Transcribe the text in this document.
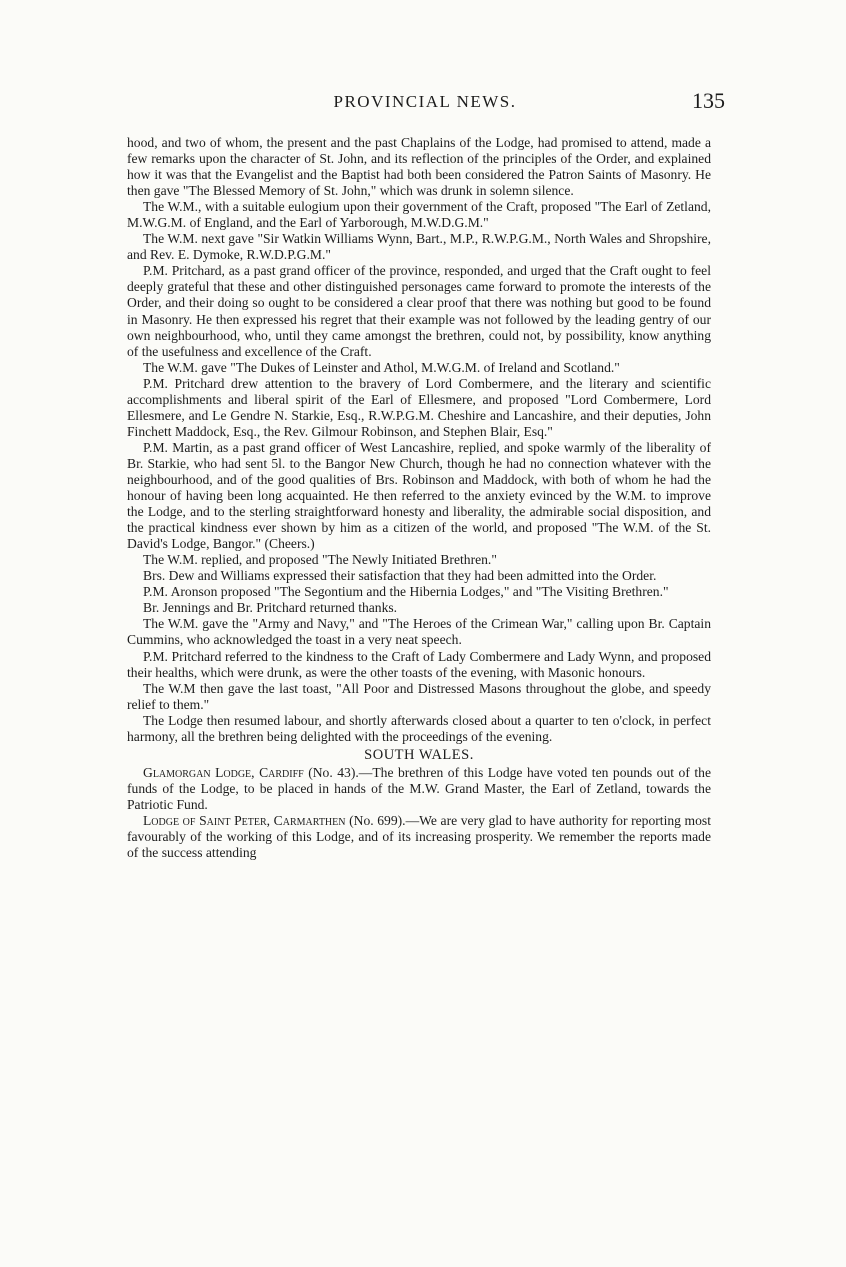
PROVINCIAL NEWS.	135

hood, and two of whom, the present and the past Chaplains of the Lodge, had promised to attend, made a few remarks upon the character of St. John, and its reflection of the principles of the Order, and explained how it was that the Evangelist and the Baptist had both been considered the Patron Saints of Masonry. He then gave "The Blessed Memory of St. John," which was drunk in solemn silence.

The W.M., with a suitable eulogium upon their government of the Craft, proposed "The Earl of Zetland, M.W.G.M. of England, and the Earl of Yarborough, M.W.D.G.M."

The W.M. next gave "Sir Watkin Williams Wynn, Bart., M.P., R.W.P.G.M., North Wales and Shropshire, and Rev. E. Dymoke, R.W.D.P.G.M."

P.M. Pritchard, as a past grand officer of the province, responded, and urged that the Craft ought to feel deeply grateful that these and other distinguished personages came forward to promote the interests of the Order, and their doing so ought to be considered a clear proof that there was nothing but good to be found in Masonry. He then expressed his regret that their example was not followed by the leading gentry of our own neighbourhood, who, until they came amongst the brethren, could not, by possibility, know anything of the usefulness and excellence of the Craft.

The W.M. gave "The Dukes of Leinster and Athol, M.W.G.M. of Ireland and Scotland."

P.M. Pritchard drew attention to the bravery of Lord Combermere, and the literary and scientific accomplishments and liberal spirit of the Earl of Ellesmere, and proposed "Lord Combermere, Lord Ellesmere, and Le Gendre N. Starkie, Esq., R.W.P.G.M. Cheshire and Lancashire, and their deputies, John Finchett Maddock, Esq., the Rev. Gilmour Robinson, and Stephen Blair, Esq."

P.M. Martin, as a past grand officer of West Lancashire, replied, and spoke warmly of the liberality of Br. Starkie, who had sent 5l. to the Bangor New Church, though he had no connection whatever with the neighbourhood, and of the good qualities of Brs. Robinson and Maddock, with both of whom he had the honour of having been long acquainted. He then referred to the anxiety evinced by the W.M. to improve the Lodge, and to the sterling straightforward honesty and liberality, the admirable social disposition, and the practical kindness ever shown by him as a citizen of the world, and proposed "The W.M. of the St. David's Lodge, Bangor." (Cheers.)

The W.M. replied, and proposed "The Newly Initiated Brethren."

Brs. Dew and Williams expressed their satisfaction that they had been admitted into the Order.

P.M. Aronson proposed "The Segontium and the Hibernia Lodges," and "The Visiting Brethren."

Br. Jennings and Br. Pritchard returned thanks.

The W.M. gave the "Army and Navy," and "The Heroes of the Crimean War," calling upon Br. Captain Cummins, who acknowledged the toast in a very neat speech.

P.M. Pritchard referred to the kindness to the Craft of Lady Combermere and Lady Wynn, and proposed their healths, which were drunk, as were the other toasts of the evening, with Masonic honours.

The W.M then gave the last toast, "All Poor and Distressed Masons throughout the globe, and speedy relief to them."

The Lodge then resumed labour, and shortly afterwards closed about a quarter to ten o'clock, in perfect harmony, all the brethren being delighted with the proceedings of the evening.

SOUTH WALES.

Glamorgan Lodge, Cardiff (No. 43).—The brethren of this Lodge have voted ten pounds out of the funds of the Lodge, to be placed in hands of the M.W. Grand Master, the Earl of Zetland, towards the Patriotic Fund.

Lodge of Saint Peter, Carmarthen (No. 699).—We are very glad to have authority for reporting most favourably of the working of this Lodge, and of its increasing prosperity. We remember the reports made of the success attending
